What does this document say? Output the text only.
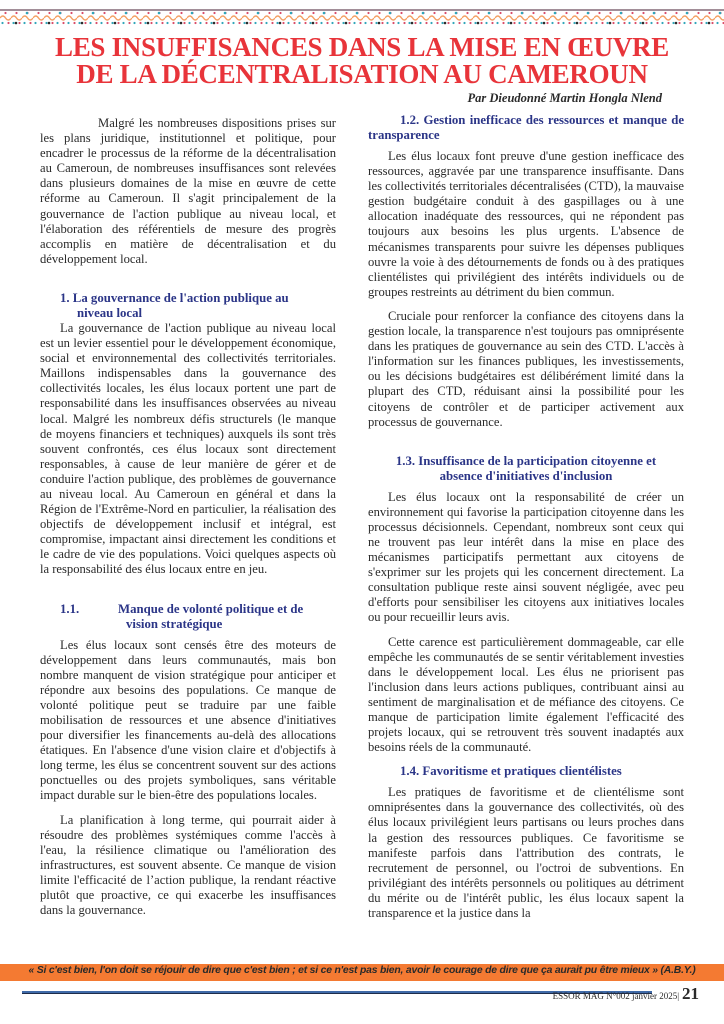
LES INSUFFISANCES DANS LA MISE EN ŒUVRE
DE LA DÉCENTRALISATION AU CAMEROUN
Par Dieudonné Martin Hongla Nlend

Malgré les nombreuses dispositions prises sur les plans juridique, institutionnel et politique, pour encadrer le processus de la réforme de la décentralisation au Cameroun, de nombreuses insuffisances sont relevées dans plusieurs domaines de la mise en œuvre de cette réforme au Cameroun. Il s'agit principalement de la gouvernance de l'action publique au niveau local, et l'élaboration des référentiels de mesure des progrès accomplis en matière de décentralisation et du développement local.

1. La gouvernance de l'action publique au
niveau local

La gouvernance de l'action publique au niveau local est un levier essentiel pour le développement économique, social et environnemental des collectivités territoriales. Maillons indispensables dans la gouvernance des collectivités locales, les élus locaux portent une part de responsabilité dans les insuffisances observées au niveau local. Malgré les nombreux défis structurels (le manque de moyens financiers et techniques) auxquels ils sont très souvent confrontés, ces élus locaux sont directement responsables, à cause de leur manière de gérer et de conduire l'action publique, des problèmes de gouvernance au niveau local. Au Cameroun en général et dans la Région de l'Extrême-Nord en particulier, la réalisation des objectifs de développement inclusif et intégral, est compromise, impactant ainsi directement les conditions et le cadre de vie des populations. Voici quelques aspects où la responsabilité des élus locaux entre en jeu.

1.1.	Manque de volonté politique et de
vision stratégique

Les élus locaux sont censés être des moteurs de développement dans leurs communautés, mais bon nombre manquent de vision stratégique pour anticiper et répondre aux besoins des populations. Ce manque de volonté politique peut se traduire par une faible mobilisation de ressources et une absence d'initiatives pour diversifier les financements au-delà des allocations étatiques. En l'absence d'une vision claire et d'objectifs à long terme, les élus se concentrent souvent sur des actions ponctuelles ou des projets symboliques, sans véritable impact durable sur le bien-être des populations locales.

La planification à long terme, qui pourrait aider à résoudre des problèmes systémiques comme l'accès à l'eau, la résilience climatique ou l'amélioration des infrastructures, est souvent absente. Ce manque de vision limite l'efficacité de l’action publique, la rendant réactive plutôt que proactive, ce qui exacerbe les insuffisances dans la gouvernance.

1.2. Gestion inefficace des ressources et manque de transparence

Les élus locaux font preuve d'une gestion inefficace des ressources, aggravée par une transparence insuffisante. Dans les collectivités territoriales décentralisées (CTD), la mauvaise gestion budgétaire conduit à des gaspillages ou à une allocation inadéquate des ressources, qui ne répondent pas toujours aux besoins les plus urgents. L'absence de mécanismes transparents pour suivre les dépenses publiques ouvre la voie à des détournements de fonds ou à des pratiques clientélistes qui privilégient des intérêts individuels ou de groupes restreints au détriment du bien commun.

Cruciale pour renforcer la confiance des citoyens dans la gestion locale, la transparence n'est toujours pas omniprésente dans les pratiques de gouvernance au sein des CTD. L'accès à l'information sur les finances publiques, les investissements, ou les décisions budgétaires est délibérément limité dans la plupart des CTD, réduisant ainsi la possibilité pour les citoyens de contrôler et de participer activement aux processus de gouvernance.

1.3. Insuffisance de la participation citoyenne et
absence d'initiatives d'inclusion

Les élus locaux ont la responsabilité de créer un environnement qui favorise la participation citoyenne dans les processus décisionnels. Cependant, nombreux sont ceux qui ne trouvent pas leur intérêt dans la mise en place des mécanismes participatifs permettant aux citoyens de s'exprimer sur les projets qui les concernent directement. La consultation publique reste ainsi souvent négligée, avec peu d'efforts pour sensibiliser les citoyens aux initiatives locales ou pour recueillir leurs avis.

Cette carence est particulièrement dommageable, car elle empêche les communautés de se sentir véritablement investies dans le développement local. Les élus ne priorisent pas l'inclusion dans leurs actions publiques, contribuant ainsi au sentiment de marginalisation et de méfiance des citoyens. Ce manque de participation limite également l'efficacité des projets locaux, qui se retrouvent très souvent inadaptés aux besoins réels de la communauté.

1.4. Favoritisme et pratiques clientélistes

Les pratiques de favoritisme et de clientélisme sont omniprésentes dans la gouvernance des collectivités, où des élus locaux privilégient leurs partisans ou leurs proches dans la gestion des ressources publiques. Ce favoritisme se manifeste parfois dans l'attribution des contrats, le recrutement de personnel, ou l'octroi de subventions. En privilégiant des intérêts personnels ou politiques au détriment du mérite ou de l'intérêt public, les élus locaux sapent la transparence et la justice dans la

« Si c'est bien, l'on doit se réjouir de dire que c'est bien ; et si ce n'est pas bien, avoir le courage de dire que ça aurait pu être mieux » (A.B.Y.)
ESSOR MAG N°002 janvier 2025| 21
